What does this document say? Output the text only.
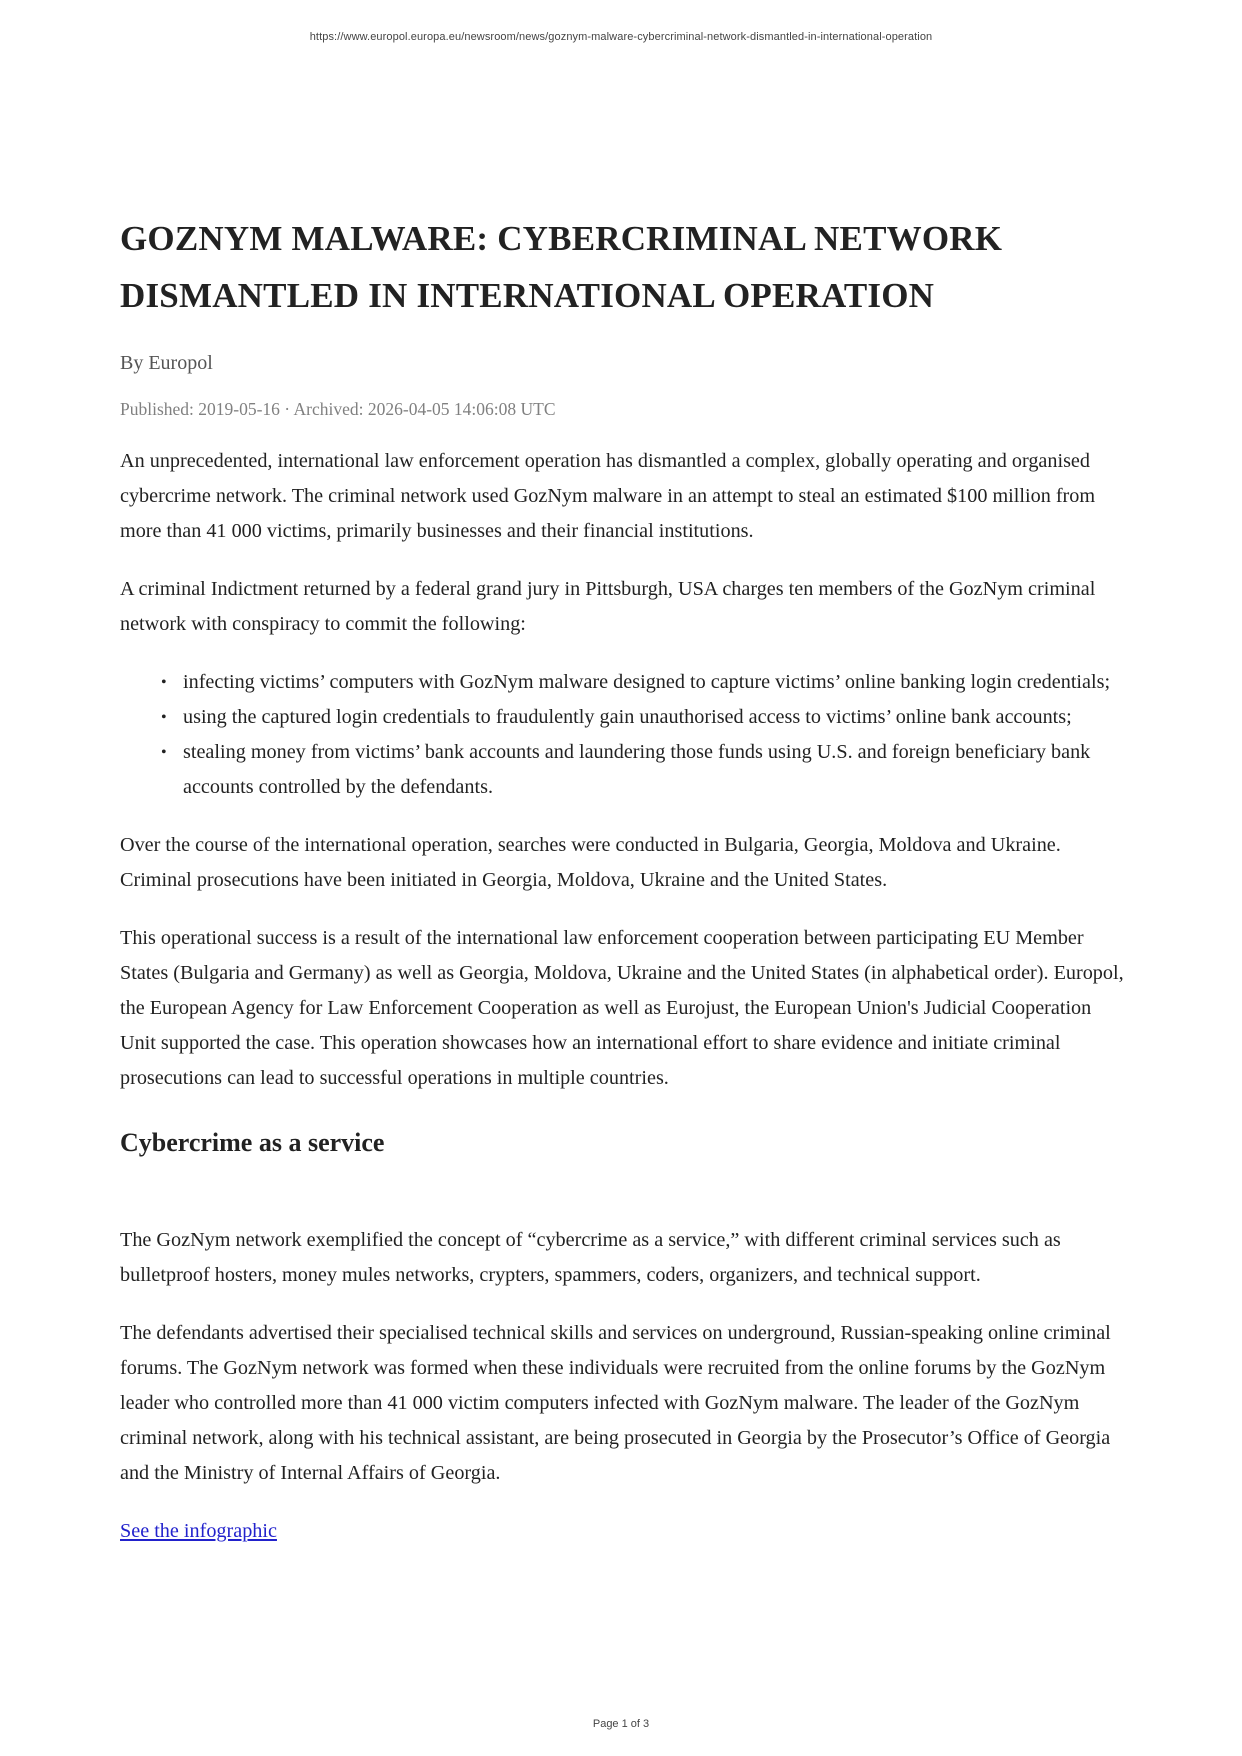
https://www.europol.europa.eu/newsroom/news/goznym-malware-cybercriminal-network-dismantled-in-international-operation
GOZNYM MALWARE: CYBERCRIMINAL NETWORK
DISMANTLED IN INTERNATIONAL OPERATION

By Europol

Published: 2019-05-16 · Archived: 2026-04-05 14:06:08 UTC

An unprecedented, international law enforcement operation has dismantled a complex, globally operating and organised cybercrime network. The criminal network used GozNym malware in an attempt to steal an estimated $100 million from more than 41 000 victims, primarily businesses and their financial institutions.

A criminal Indictment returned by a federal grand jury in Pittsburgh, USA charges ten members of the GozNym criminal network with conspiracy to commit the following:

• infecting victims’ computers with GozNym malware designed to capture victims’ online banking login credentials;
• using the captured login credentials to fraudulently gain unauthorised access to victims’ online bank accounts;
• stealing money from victims’ bank accounts and laundering those funds using U.S. and foreign beneficiary bank accounts controlled by the defendants.

Over the course of the international operation, searches were conducted in Bulgaria, Georgia, Moldova and Ukraine. Criminal prosecutions have been initiated in Georgia, Moldova, Ukraine and the United States.

This operational success is a result of the international law enforcement cooperation between participating EU Member States (Bulgaria and Germany) as well as Georgia, Moldova, Ukraine and the United States (in alphabetical order). Europol, the European Agency for Law Enforcement Cooperation as well as Eurojust, the European Union's Judicial Cooperation Unit supported the case. This operation showcases how an international effort to share evidence and initiate criminal prosecutions can lead to successful operations in multiple countries.

Cybercrime as a service

The GozNym network exemplified the concept of “cybercrime as a service,” with different criminal services such as bulletproof hosters, money mules networks, crypters, spammers, coders, organizers, and technical support.

The defendants advertised their specialised technical skills and services on underground, Russian-speaking online criminal forums. The GozNym network was formed when these individuals were recruited from the online forums by the GozNym leader who controlled more than 41 000 victim computers infected with GozNym malware. The leader of the GozNym criminal network, along with his technical assistant, are being prosecuted in Georgia by the Prosecutor’s Office of Georgia and the Ministry of Internal Affairs of Georgia.

See the infographic

Page 1 of 3
